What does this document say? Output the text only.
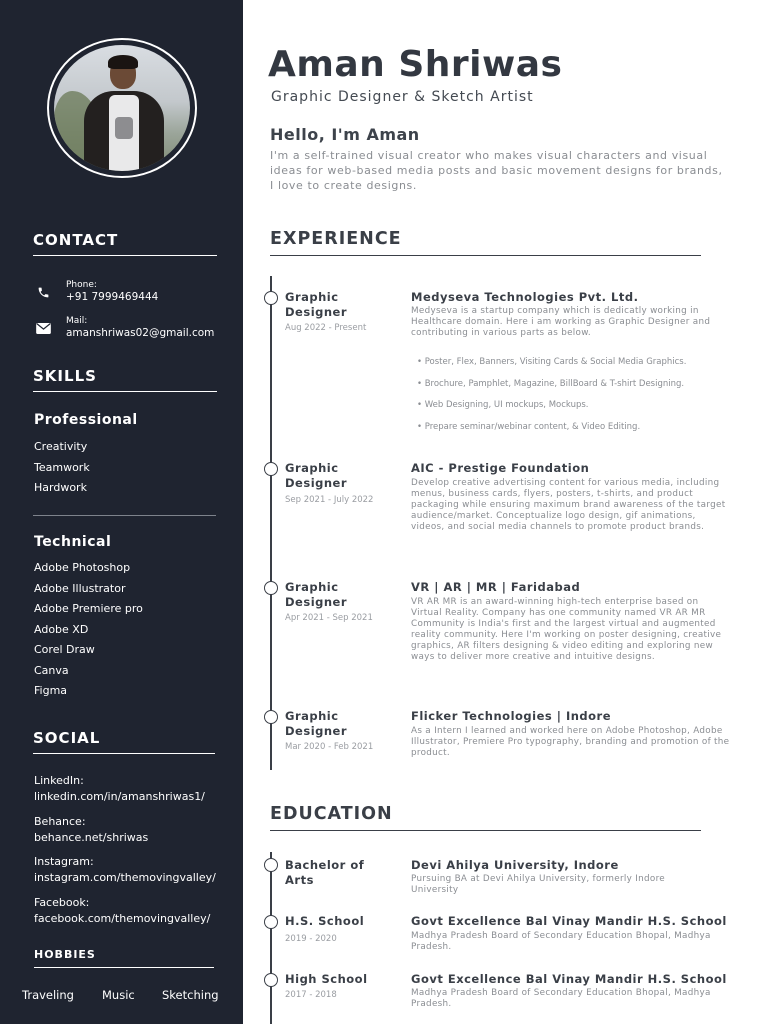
CONTACT
Phone:
+91 7999469444
Mail:
amanshriwas02@gmail.com
SKILLS
Professional
Creativity
Teamwork
Hardwork
Technical
Adobe Photoshop
Adobe Illustrator
Adobe Premiere pro
Adobe XD
Corel Draw
Canva
Figma
SOCIAL
LinkedIn:
linkedin.com/in/amanshriwas1/
Behance:
behance.net/shriwas
Instagram:
instagram.com/themovingvalley/
Facebook:
facebook.com/themovingvalley/
HOBBIES
Traveling Music Sketching
Aman Shriwas
Graphic Designer & Sketch Artist
Hello, I'm Aman

I'm a self-trained visual creator who makes visual characters and visual ideas for web-based media posts and basic movement designs for brands, I love to create designs.

EXPERIENCE
Graphic Designer
Aug 2022 - Present
Medyseva Technologies Pvt. Ltd.

Medyseva is a startup company which is dedicatly working in Healthcare domain. Here i am working as Graphic Designer and contributing in various parts as below.

• Poster, Flex, Banners, Visiting Cards & Social Media Graphics.
• Brochure, Pamphlet, Magazine, BillBoard & T-shirt Designing.
• Web Designing, UI mockups, Mockups.
• Prepare seminar/webinar content, & Video Editing.
Graphic Designer
Sep 2021 - July 2022
AIC - Prestige Foundation

Develop creative advertising content for various media, including menus, business cards, flyers, posters, t-shirts, and product packaging while ensuring maximum brand awareness of the target audience/market. Conceptualize logo design, gif animations, videos, and social media channels to promote product brands.

Graphic Designer
Apr 2021 - Sep 2021
VR | AR | MR | Faridabad

VR AR MR is an award-winning high-tech enterprise based on Virtual Reality. Company has one community named VR AR MR Community is India's first and the largest virtual and augmented reality community. Here I'm working on poster designing, creative graphics, AR filters designing & video editing and exploring new ways to deliver more creative and intuitive designs.

Graphic Designer
Mar 2020 - Feb 2021
Flicker Technologies | Indore

As a Intern I learned and worked here on Adobe Photoshop, Adobe Illustrator, Premiere Pro typography, branding and promotion of the product.

EDUCATION
Bachelor of Arts
Devi Ahilya University, Indore

Pursuing BA at Devi Ahilya University, formerly Indore University

H.S. School
2019 - 2020
Govt Excellence Bal Vinay Mandir H.S. School

Madhya Pradesh Board of Secondary Education Bhopal, Madhya Pradesh.

High School
2017 - 2018
Govt Excellence Bal Vinay Mandir H.S. School

Madhya Pradesh Board of Secondary Education Bhopal, Madhya Pradesh.
